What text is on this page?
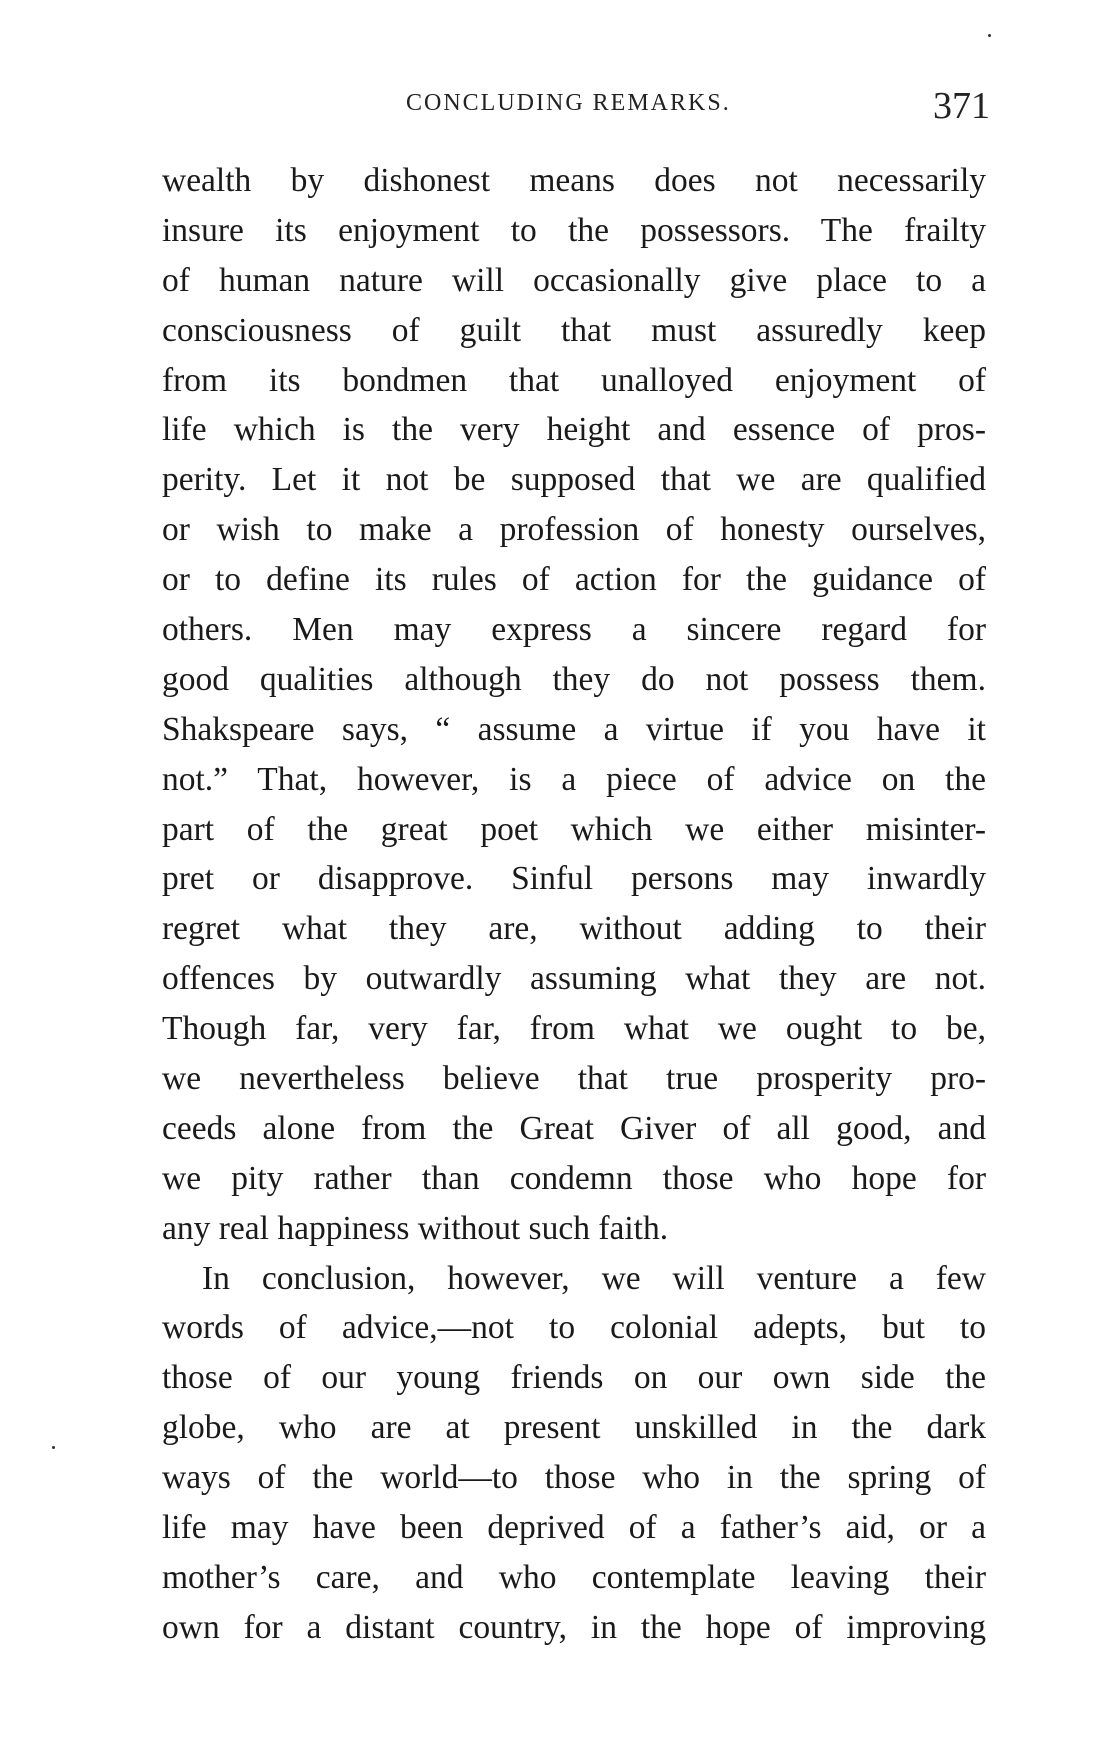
CONCLUDING REMARKS.	371
wealth by dishonest means does not necessarily
insure its enjoyment to the possessors. The frailty
of human nature will occasionally give place to a
consciousness of guilt that must assuredly keep
from its bondmen that unalloyed enjoyment of
life which is the very height and essence of pros-
perity. Let it not be supposed that we are qualified
or wish to make a profession of honesty ourselves,
or to define its rules of action for the guidance of
others. Men may express a sincere regard for
good qualities although they do not possess them.
Shakspeare says, “ assume a virtue if you have it
not.” That, however, is a piece of advice on the
part of the great poet which we either misinter-
pret or disapprove. Sinful persons may inwardly
regret what they are, without adding to their
offences by outwardly assuming what they are not.
Though far, very far, from what we ought to be,
we nevertheless believe that true prosperity pro-
ceeds alone from the Great Giver of all good, and
we pity rather than condemn those who hope for
any real happiness without such faith.
In conclusion, however, we will venture a few
words of advice,—not to colonial adepts, but to
those of our young friends on our own side the
globe, who are at present unskilled in the dark
ways of the world—to those who in the spring of
life may have been deprived of a father’s aid, or a
mother’s care, and who contemplate leaving their
own for a distant country, in the hope of improving
